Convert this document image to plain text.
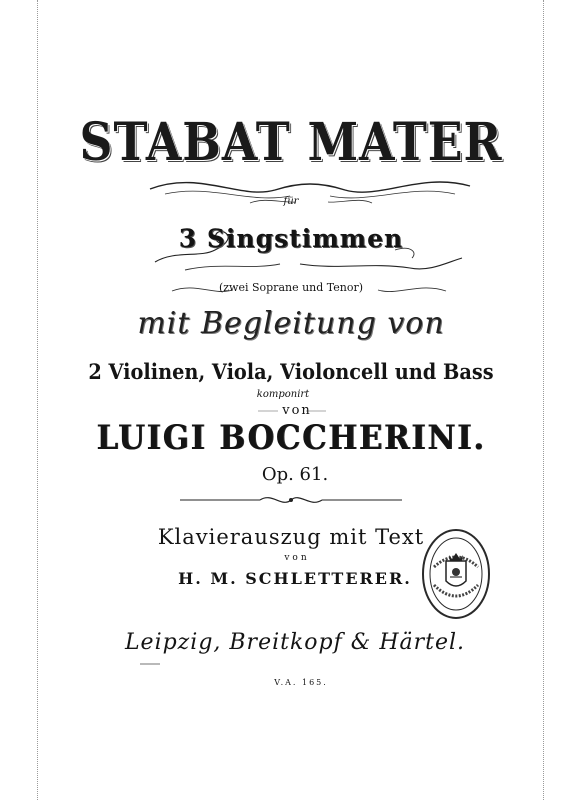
STABAT MATER
für
3 Singstimmen
(zwei Soprane und Tenor)
mit Begleitung von
2 Violinen, Viola, Violoncell und Bass
komponirt
von
LUIGI BOCCHERINI.
Op. 61.
Klavierauszug mit Text
von
H. M. SCHLETTERER.
Leipzig, Breitkopf & Härtel.
V.A. 165.
